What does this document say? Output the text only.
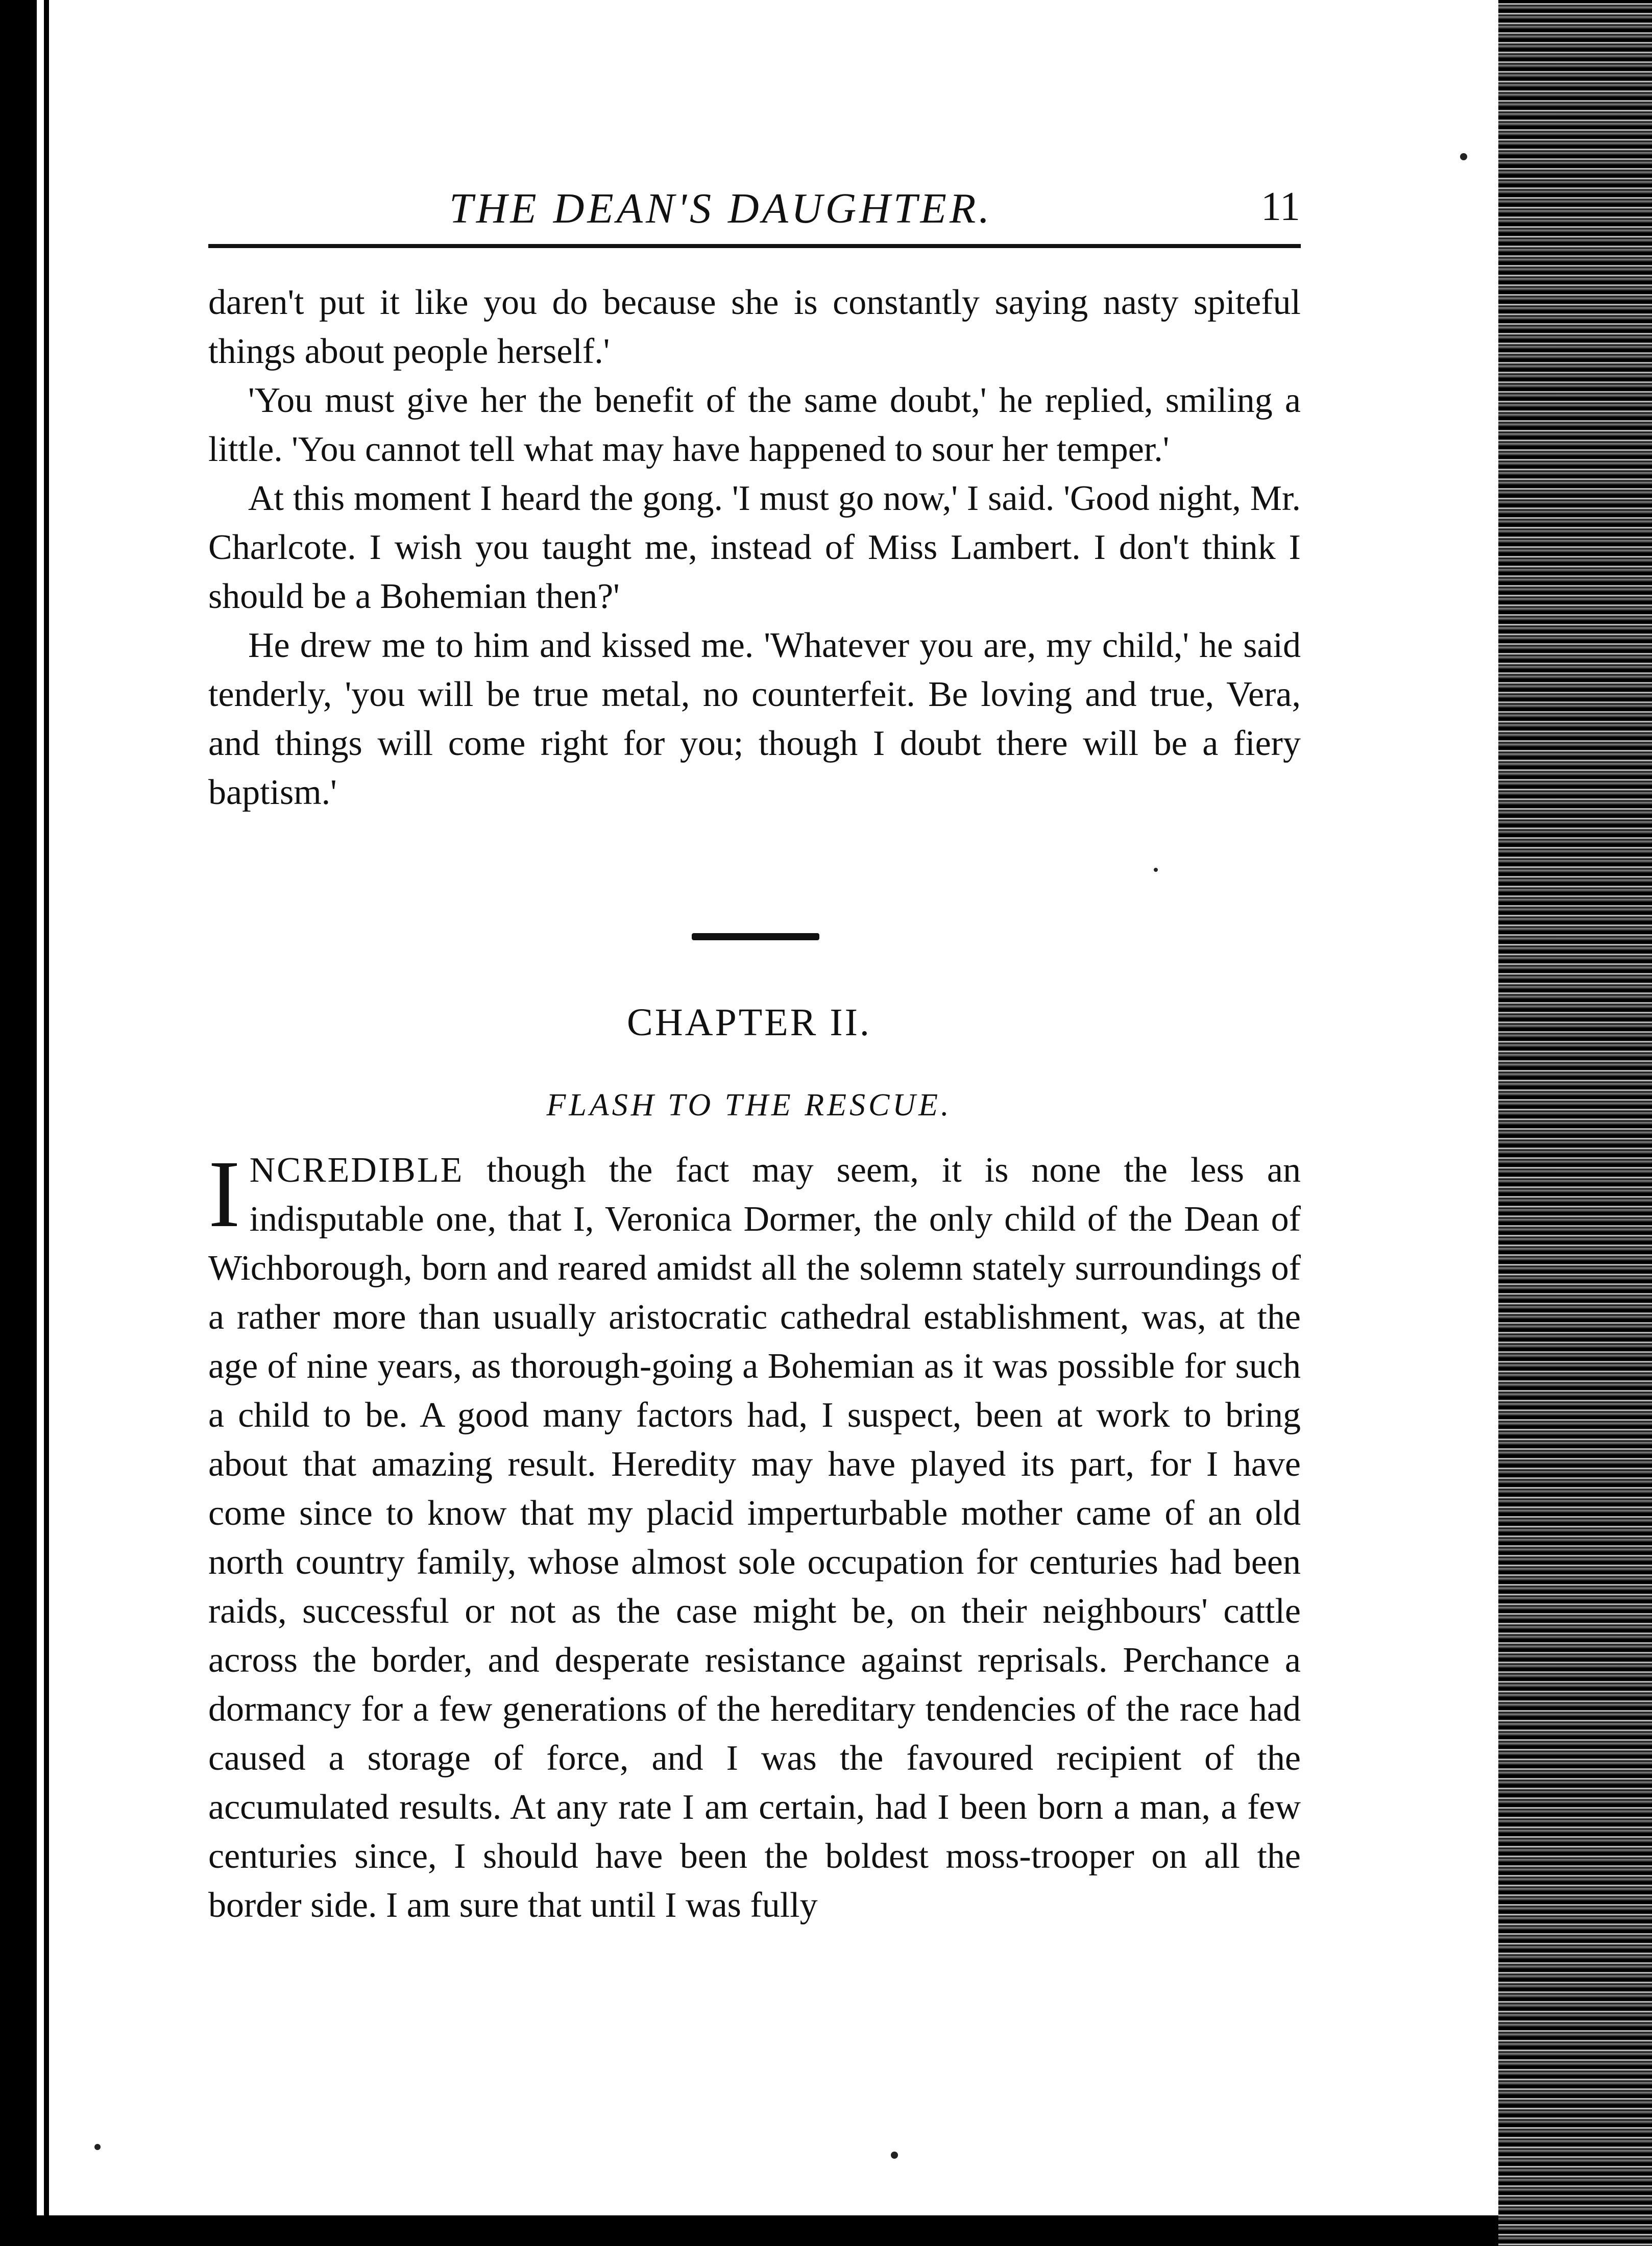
THE DEAN'S DAUGHTER.	11

daren't put it like you do because she is constantly saying nasty spiteful things about people herself.'

'You must give her the benefit of the same doubt,' he replied, smiling a little. 'You cannot tell what may have happened to sour her temper.'

At this moment I heard the gong. 'I must go now,' I said. 'Good night, Mr. Charlcote. I wish you taught me, instead of Miss Lambert. I don't think I should be a Bohemian then?'

He drew me to him and kissed me. 'Whatever you are, my child,' he said tenderly, 'you will be true metal, no counterfeit. Be loving and true, Vera, and things will come right for you; though I doubt there will be a fiery baptism.'

CHAPTER II.
FLASH TO THE RESCUE.

INCREDIBLE though the fact may seem, it is none the less an indisputable one, that I, Veronica Dormer, the only child of the Dean of Wichborough, born and reared amidst all the solemn stately surroundings of a rather more than usually aristocratic cathedral establishment, was, at the age of nine years, as thorough-going a Bohemian as it was possible for such a child to be. A good many factors had, I suspect, been at work to bring about that amazing result. Heredity may have played its part, for I have come since to know that my placid imperturbable mother came of an old north country family, whose almost sole occupation for centuries had been raids, successful or not as the case might be, on their neighbours' cattle across the border, and desperate resistance against reprisals. Perchance a dormancy for a few generations of the hereditary tendencies of the race had caused a storage of force, and I was the favoured recipient of the accumulated results. At any rate I am certain, had I been born a man, a few centuries since, I should have been the boldest moss-trooper on all the border side. I am sure that until I was fully
